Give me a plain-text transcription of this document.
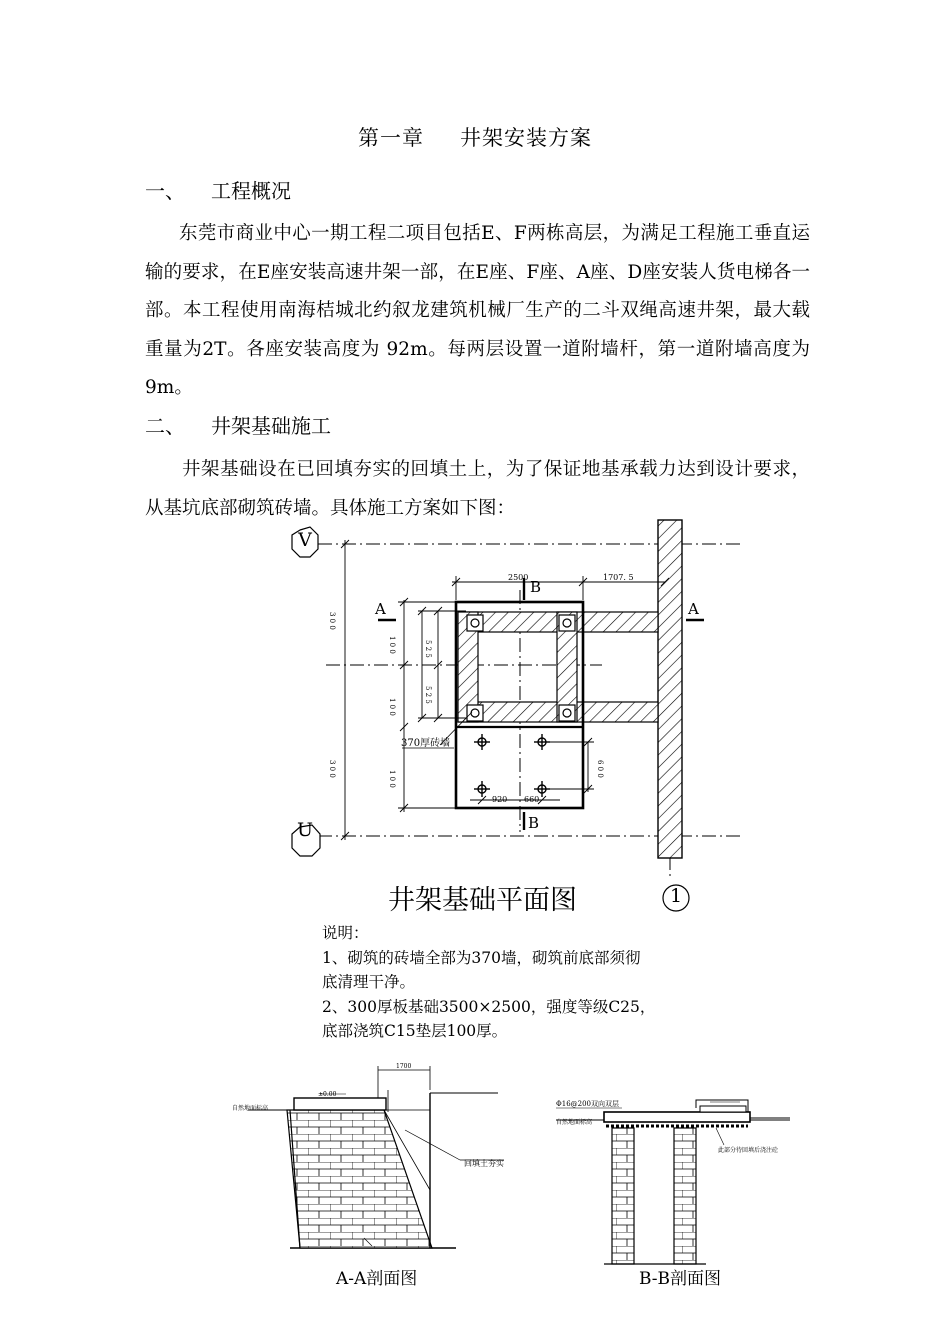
第一章 井架安装方案
一、 工程概况

东莞市商业中心一期工程二项目包括E、F两栋高层，为满足工程施工垂直运输的要求，在E座安装高速井架一部，在E座、F座、A座、D座安装人货电梯各一部。本工程使用南海桔城北约叙龙建筑机械厂生产的二斗双绳高速井架，最大载重量为2T。各座安装高度为 92m。每两层设置一道附墙杆，第一道附墙高度为9m。

二、 井架基础施工

井架基础设在已回填夯实的回填土上，为了保证地基承载力达到设计要求，从基坑底部砌筑砖墙。具体施工方案如下图：

V
U
1
2500	1707. 5
B
B
A	A
3 0 0
3 0 0
1 0 0
1 0 0
1 0 0
5 2 5
5 2 5
6 0 0
920 660
370厚砖墙
1700
回填土夯实
±0.00
自然地面标高
Φ16@200双向双层
自然地面标高
此部分待回填后浇注砼
井架基础平面图
说明：
1、砌筑的砖墙全部为370墙，砌筑前底部须彻
底清理干净。
2、300厚板基础3500×2500，强度等级C25，
底部浇筑C15垫层100厚。
A-A剖面图	B-B剖面图
